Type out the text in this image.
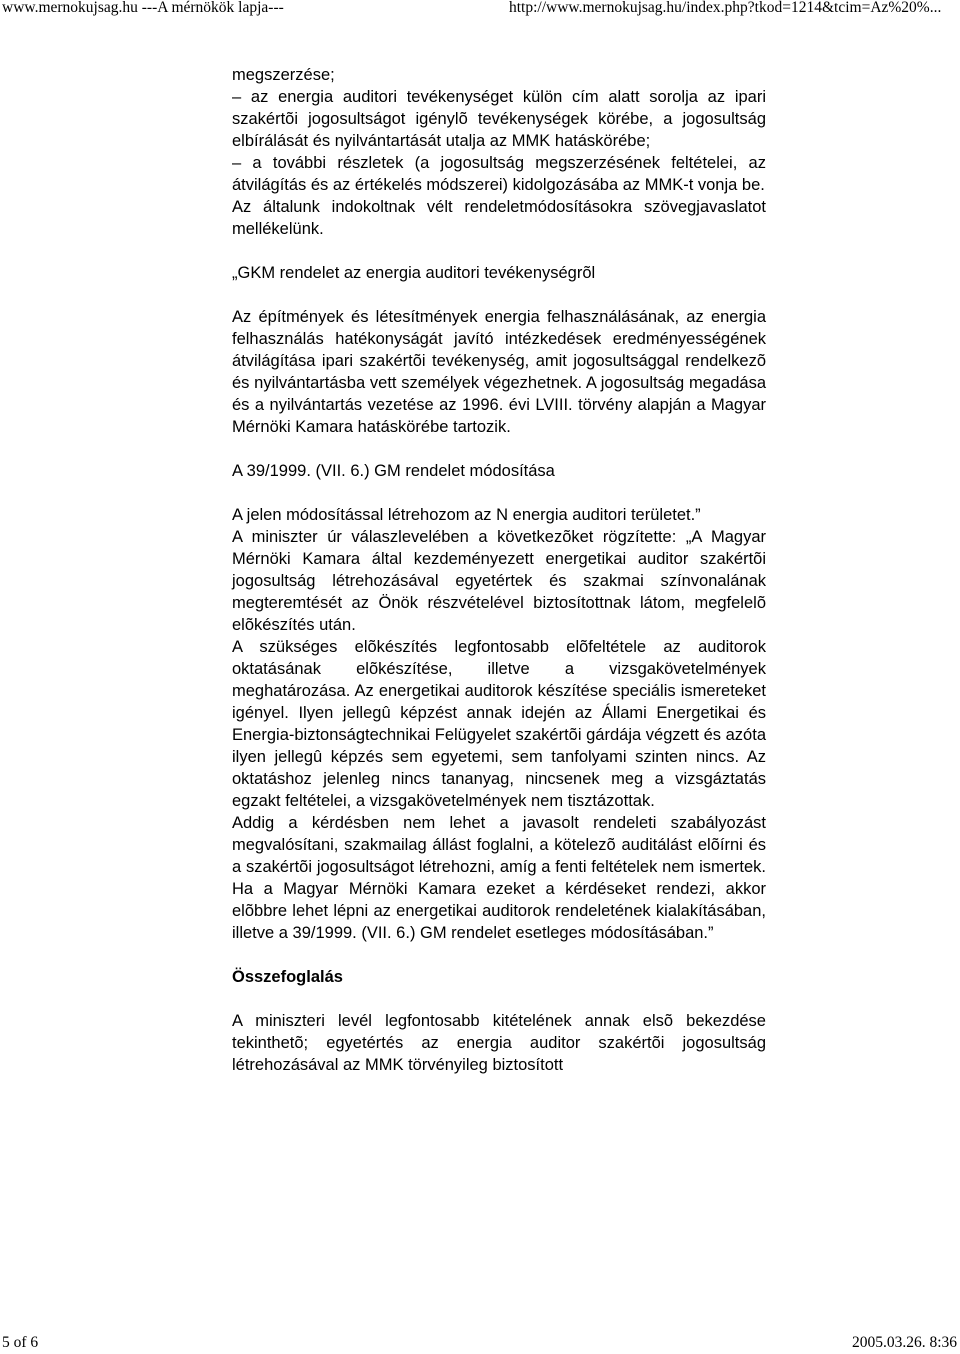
www.mernokujsag.hu ---A mérnökök lapja---	http://www.mernokujsag.hu/index.php?tkod=1214&tcim=Az%20%...

megszerzése;

– az energia auditori tevékenységet külön cím alatt sorolja az ipari szakértõi jogosultságot igénylõ tevékenységek körébe, a jogosultság elbírálását és nyilvántartását utalja az MMK hatáskörébe;

– a további részletek (a jogosultság megszerzésének feltételei, az átvilágítás és az értékelés módszerei) kidolgozásába az MMK-t vonja be.

Az általunk indokoltnak vélt rendeletmódosításokra szövegjavaslatot mellékelünk.

„GKM rendelet az energia auditori tevékenységrõl

Az építmények és létesítmények energia felhasználásának, az energia felhasználás hatékonyságát javító intézkedések eredményességének átvilágítása ipari szakértõi tevékenység, amit jogosultsággal rendelkezõ és nyilvántartásba vett személyek végezhetnek. A jogosultság megadása és a nyilvántartás vezetése az 1996. évi LVIII. törvény alapján a Magyar Mérnöki Kamara hatáskörébe tartozik.

A 39/1999. (VII. 6.) GM rendelet módosítása

A jelen módosítással létrehozom az N energia auditori területet.”

A miniszter úr válaszlevelében a következõket rögzítette: „A Magyar Mérnöki Kamara által kezdeményezett energetikai auditor szakértõi jogosultság létrehozásával egyetértek és szakmai színvonalának megteremtését az Önök részvételével biztosítottnak látom, megfelelõ elõkészítés után.

A szükséges elõkészítés legfontosabb elõfeltétele az auditorok oktatásának elõkészítése, illetve a vizsgakövetelmények meghatározása. Az energetikai auditorok készítése speciális ismereteket igényel. Ilyen jellegû képzést annak idején az Állami Energetikai és Energia-biztonságtechnikai Felügyelet szakértõi gárdája végzett és azóta ilyen jellegû képzés sem egyetemi, sem tanfolyami szinten nincs. Az oktatáshoz jelenleg nincs tananyag, nincsenek meg a vizsgáztatás egzakt feltételei, a vizsgakövetelmények nem tisztázottak.

Addig a kérdésben nem lehet a javasolt rendeleti szabályozást megvalósítani, szakmailag állást foglalni, a kötelezõ auditálást elõírni és a szakértõi jogosultságot létrehozni, amíg a fenti feltételek nem ismertek. Ha a Magyar Mérnöki Kamara ezeket a kérdéseket rendezi, akkor elõbbre lehet lépni az energetikai auditorok rendeletének kialakításában, illetve a 39/1999. (VII. 6.) GM rendelet esetleges módosításában.”

Összefoglalás

A miniszteri levél legfontosabb kitételének annak elsõ bekezdése tekinthetõ; egyetértés az energia auditor szakértõi jogosultság létrehozásával az MMK törvényileg biztosított

5 of 6	2005.03.26. 8:36
